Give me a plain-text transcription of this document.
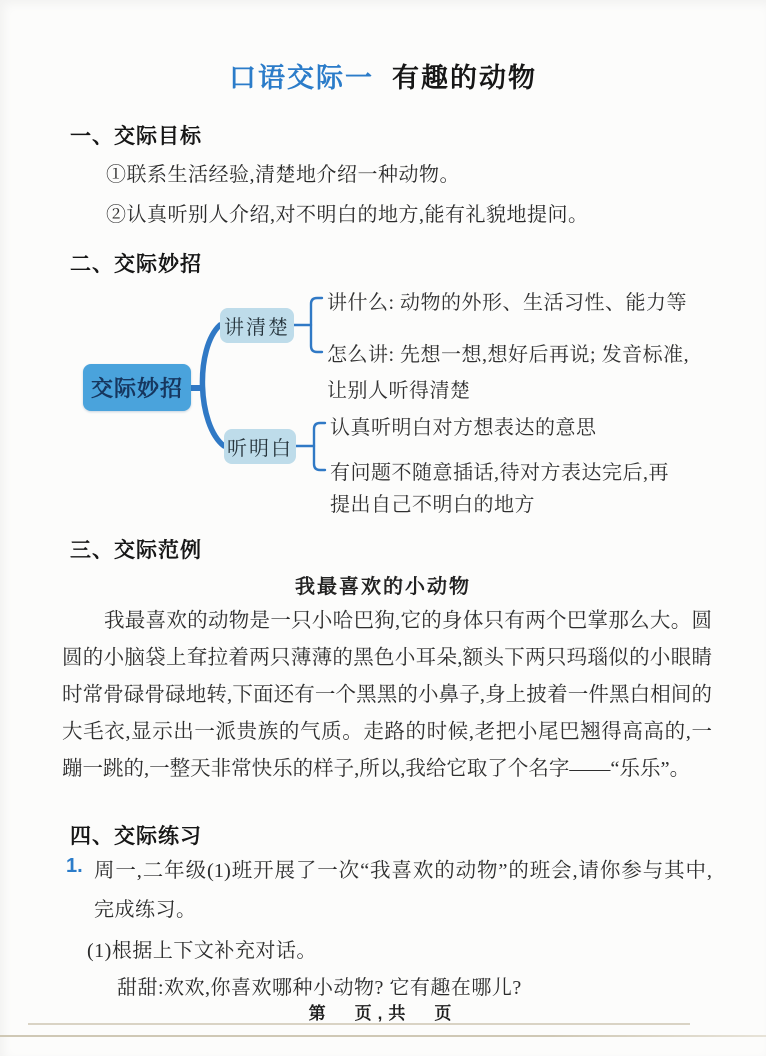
口语交际一 有趣的动物
一、交际目标
①联系生活经验,清楚地介绍一种动物。
②认真听别人介绍,对不明白的地方,能有礼貌地提问。
二、交际妙招
交际妙招
讲清楚
讲什么: 动物的外形、生活习性、能力等
怎么讲: 先想一想,想好后再说; 发音标准,
让别人听得清楚
听明白
认真听明白对方想表达的意思
有问题不随意插话,待对方表达完后,再
提出自己不明白的地方
三、交际范例
我最喜欢的小动物
我最喜欢的动物是一只小哈巴狗,它的身体只有两个巴掌那么大。圆
圆的小脑袋上耷拉着两只薄薄的黑色小耳朵,额头下两只玛瑙似的小眼睛
时常骨碌骨碌地转,下面还有一个黑黑的小鼻子,身上披着一件黑白相间的
大毛衣,显示出一派贵族的气质。走路的时候,老把小尾巴翘得高高的,一
蹦一跳的,一整天非常快乐的样子,所以,我给它取了个名字——“乐乐”。
四、交际练习
1. 周一,二年级(1)班开展了一次“我喜欢的动物”的班会,请你参与其中,
完成练习。
(1)根据上下文补充对话。
甜甜:欢欢,你喜欢哪种小动物? 它有趣在哪儿?
第　页,共　页
